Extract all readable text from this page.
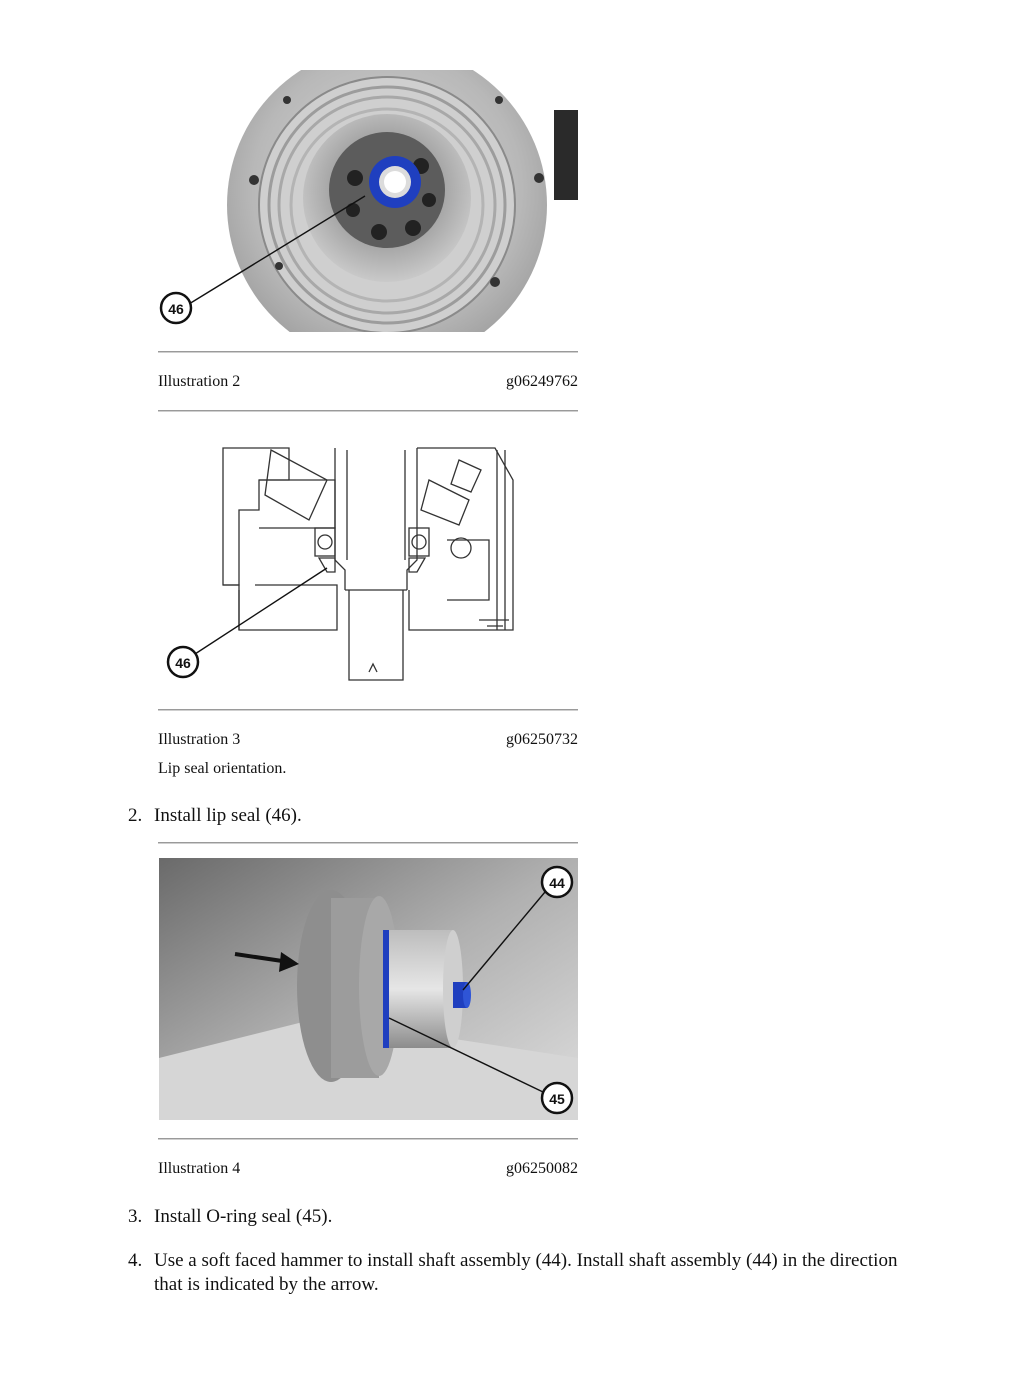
46
Illustration 2	g06249762
46
Illustration 3	g06250732
Lip seal orientation.
2. Install lip seal (46).
44
45
Illustration 4	g06250082
3. Install O-ring seal (45).
4. Use a soft faced hammer to install shaft assembly (44). Install shaft assembly (44) in the direction that is indicated by the arrow.
